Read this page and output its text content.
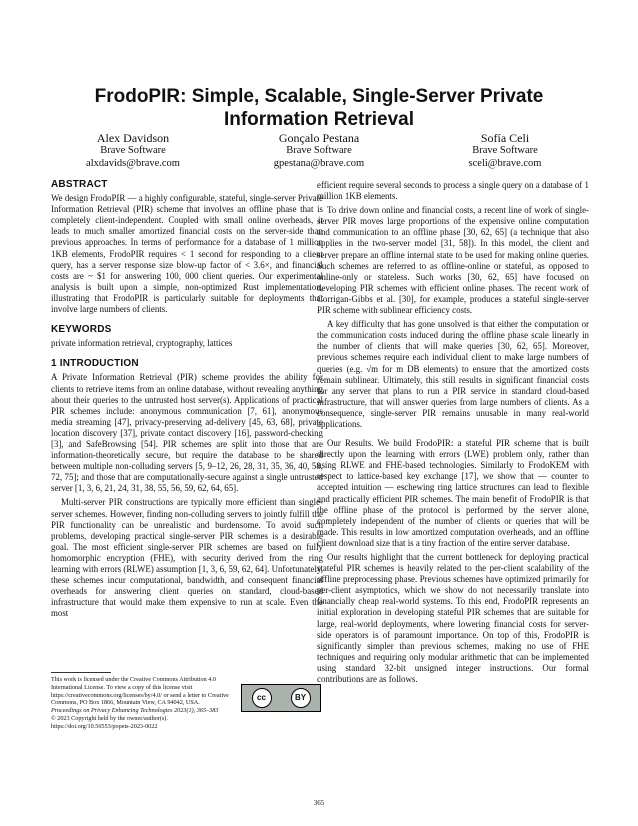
FrodoPIR: Simple, Scalable, Single-Server Private Information Retrieval
Alex Davidson
Brave Software
alxdavids@brave.com
Gonçalo Pestana
Brave Software
gpestana@brave.com
Sofía Celi
Brave Software
sceli@brave.com
ABSTRACT

We design FrodoPIR — a highly configurable, stateful, single-server Private Information Retrieval (PIR) scheme that involves an offline phase that is completely client-independent. Coupled with small online overheads, it leads to much smaller amortized financial costs on the server-side than previous approaches. In terms of performance for a database of 1 million 1KB elements, FrodoPIR requires < 1 second for responding to a client query, has a server response size blow-up factor of < 3.6×, and financial costs are ~ $1 for answering 100, 000 client queries. Our experimental analysis is built upon a simple, non-optimized Rust implementation, illustrating that FrodoPIR is particularly suitable for deployments that involve large numbers of clients.

KEYWORDS

private information retrieval, cryptography, lattices

1 INTRODUCTION

A Private Information Retrieval (PIR) scheme provides the ability for clients to retrieve items from an online database, without revealing anything about their queries to the untrusted host server(s). Applications of practical PIR schemes include: anonymous communication [7, 61], anonymous media streaming [47], privacy-preserving ad-delivery [45, 63, 68], private location discovery [37], private contact discovery [16], password-checking [3], and SafeBrowsing [54]. PIR schemes are split into those that are information-theoretically secure, but require the database to be shared between multiple non-colluding servers [5, 9–12, 26, 28, 31, 35, 36, 40, 58, 72, 75]; and those that are computationally-secure against a single untrusted server [1, 3, 6, 21, 24, 31, 38, 55, 56, 59, 62, 64, 65].

Multi-server PIR constructions are typically more efficient than single-server schemes. However, finding non-colluding servers to jointly fulfill the PIR functionality can be unrealistic and burdensome. To avoid such problems, developing practical single-server PIR schemes is a desirable goal. The most efficient single-server PIR schemes are based on fully homomorphic encryption (FHE), with security derived from the ring learning with errors (RLWE) assumption [1, 3, 6, 59, 62, 64]. Unfortunately, these schemes incur computational, bandwidth, and consequent financial overheads for answering client queries on standard, cloud-based infrastructure that would make them expensive to run at scale. Even the most

efficient require several seconds to process a single query on a database of 1 million 1KB elements.

To drive down online and financial costs, a recent line of work of single-server PIR moves large proportions of the expensive online computation and communication to an offline phase [30, 62, 65] (a technique that also applies in the two-server model [31, 58]). In this model, the client and server prepare an offline internal state to be used for making online queries. Such schemes are referred to as offline-online or stateful, as opposed to online-only or stateless. Such works [30, 62, 65] have focused on developing PIR schemes with efficient online phases. The recent work of Corrigan-Gibbs et al. [30], for example, produces a stateful single-server PIR scheme with sublinear efficiency costs.

A key difficulty that has gone unsolved is that either the computation or the communication costs induced during the offline phase scale linearly in the number of clients that will make queries [30, 62, 65]. Moreover, previous schemes require each individual client to make large numbers of queries (e.g. √m for m DB elements) to ensure that the amortized costs remain sublinear. Ultimately, this still results in significant financial costs for any server that plans to run a PIR service in standard cloud-based infrastructure, that will answer queries from large numbers of clients. As a consequence, single-server PIR remains unusable in many real-world applications.

Our Results. We build FrodoPIR: a stateful PIR scheme that is built directly upon the learning with errors (LWE) problem only, rather than using RLWE and FHE-based technologies. Similarly to FrodoKEM with respect to lattice-based key exchange [17], we show that — counter to accepted intuition — eschewing ring lattice structures can lead to flexible and practically efficient PIR schemes. The main benefit of FrodoPIR is that the offline phase of the protocol is performed by the server alone, completely independent of the number of clients or queries that will be made. This results in low amortized computation overheads, and an offline client download size that is a tiny fraction of the entire server database.

Our results highlight that the current bottleneck for deploying practical stateful PIR schemes is heavily related to the per-client scalability of the offline preprocessing phase. Previous schemes have optimized primarily for per-client asymptotics, which we show do not necessarily translate into financially cheap real-world systems. To this end, FrodoPIR represents an initial exploration in developing stateful PIR schemes that are suitable for large, real-world deployments, where lowering financial costs for server-side operators is of paramount importance. On top of this, FrodoPIR is significantly simpler than previous schemes, making no use of FHE techniques and requiring only modular arithmetic that can be implemented using standard 32-bit unsigned integer instructions. Our formal contributions are as follows.

This work is licensed under the Creative Commons Attribution 4.0 International License. To view a copy of this license visit https://creativecommons.org/licenses/by/4.0/ or send a letter to Creative Commons, PO Box 1866, Mountain View, CA 94042, USA.
Proceedings on Privacy Enhancing Technologies 2023(1), 365–383
© 2023 Copyright held by the owner/author(s).
https://doi.org/10.56553/popets-2023-0022
cc	BY
365
